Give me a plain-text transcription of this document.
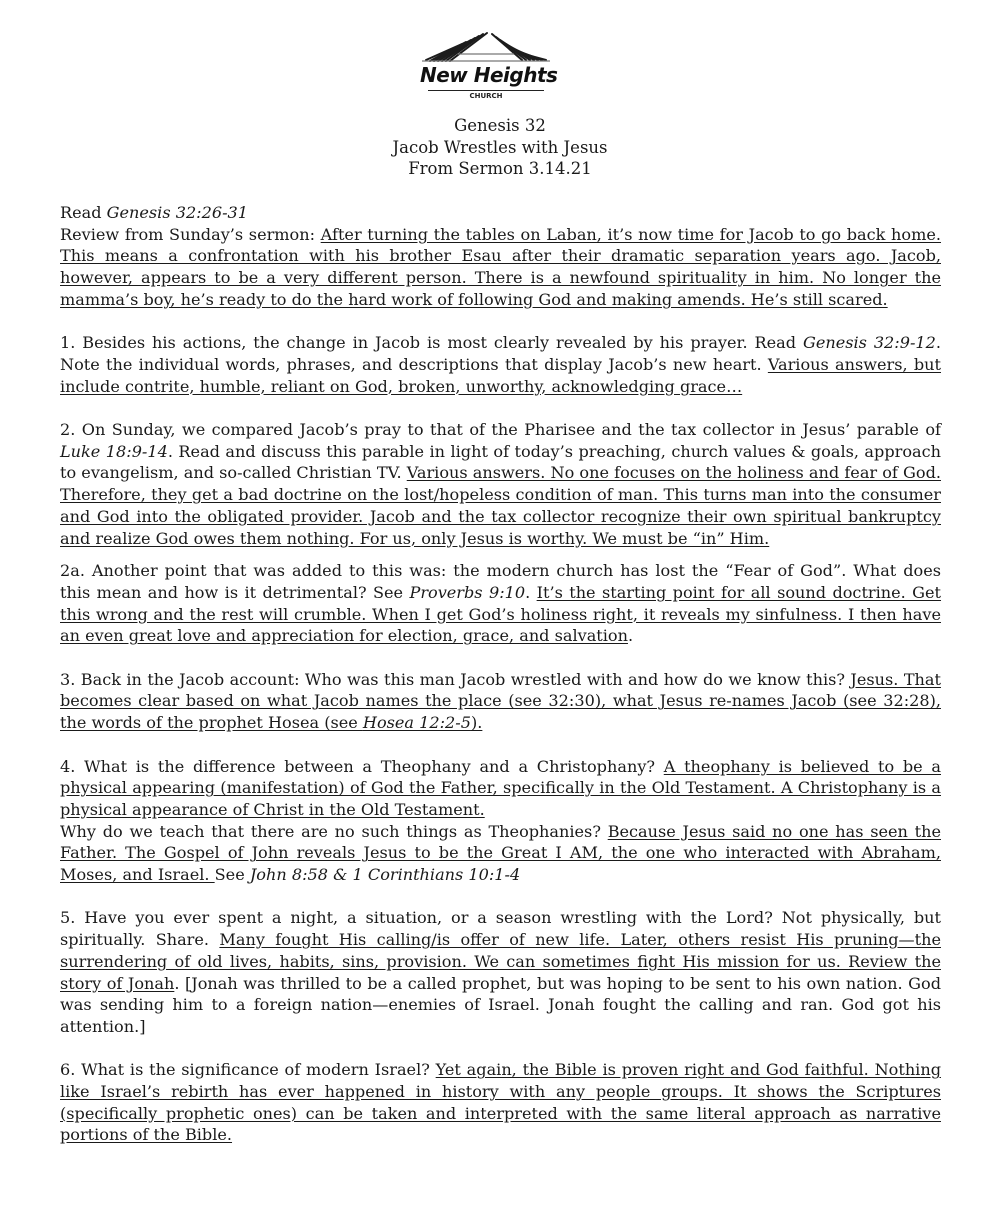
New Heights
CHURCH
Genesis 32
Jacob Wrestles with Jesus
From Sermon 3.14.21

Read Genesis 32:26-31

Review from Sunday’s sermon: After turning the tables on Laban, it’s now time for Jacob to go back home. This means a confrontation with his brother Esau after their dramatic separation years ago. Jacob, however, appears to be a very different person. There is a newfound spirituality in him. No longer the mamma’s boy, he’s ready to do the hard work of following God and making amends. He’s still scared.

1. Besides his actions, the change in Jacob is most clearly revealed by his prayer. Read Genesis 32:9-12. Note the individual words, phrases, and descriptions that display Jacob’s new heart. Various answers, but include contrite, humble, reliant on God, broken, unworthy, acknowledging grace…

2. On Sunday, we compared Jacob’s pray to that of the Pharisee and the tax collector in Jesus’ parable of Luke 18:9-14. Read and discuss this parable in light of today’s preaching, church values & goals, approach to evangelism, and so-called Christian TV. Various answers. No one focuses on the holiness and fear of God. Therefore, they get a bad doctrine on the lost/hopeless condition of man. This turns man into the consumer and God into the obligated provider. Jacob and the tax collector recognize their own spiritual bankruptcy and realize God owes them nothing. For us, only Jesus is worthy. We must be “in” Him.

2a. Another point that was added to this was: the modern church has lost the “Fear of God”. What does this mean and how is it detrimental? See Proverbs 9:10. It’s the starting point for all sound doctrine. Get this wrong and the rest will crumble. When I get God’s holiness right, it reveals my sinfulness. I then have an even great love and appreciation for election, grace, and salvation.

3. Back in the Jacob account: Who was this man Jacob wrestled with and how do we know this? Jesus. That becomes clear based on what Jacob names the place (see 32:30), what Jesus re-names Jacob (see 32:28), the words of the prophet Hosea (see Hosea 12:2-5).

4. What is the difference between a Theophany and a Christophany? A theophany is believed to be a physical appearing (manifestation) of God the Father, specifically in the Old Testament. A Christophany is a physical appearance of Christ in the Old Testament.

Why do we teach that there are no such things as Theophanies? Because Jesus said no one has seen the Father. The Gospel of John reveals Jesus to be the Great I AM, the one who interacted with Abraham, Moses, and Israel. See John 8:58 & 1 Corinthians 10:1-4

5. Have you ever spent a night, a situation, or a season wrestling with the Lord? Not physically, but spiritually. Share. Many fought His calling/is offer of new life. Later, others resist His pruning—the surrendering of old lives, habits, sins, provision. We can sometimes fight His mission for us. Review the story of Jonah. [Jonah was thrilled to be a called prophet, but was hoping to be sent to his own nation. God was sending him to a foreign nation—enemies of Israel. Jonah fought the calling and ran. God got his attention.]

6. What is the significance of modern Israel? Yet again, the Bible is proven right and God faithful. Nothing like Israel’s rebirth has ever happened in history with any people groups. It shows the Scriptures (specifically prophetic ones) can be taken and interpreted with the same literal approach as narrative portions of the Bible.
